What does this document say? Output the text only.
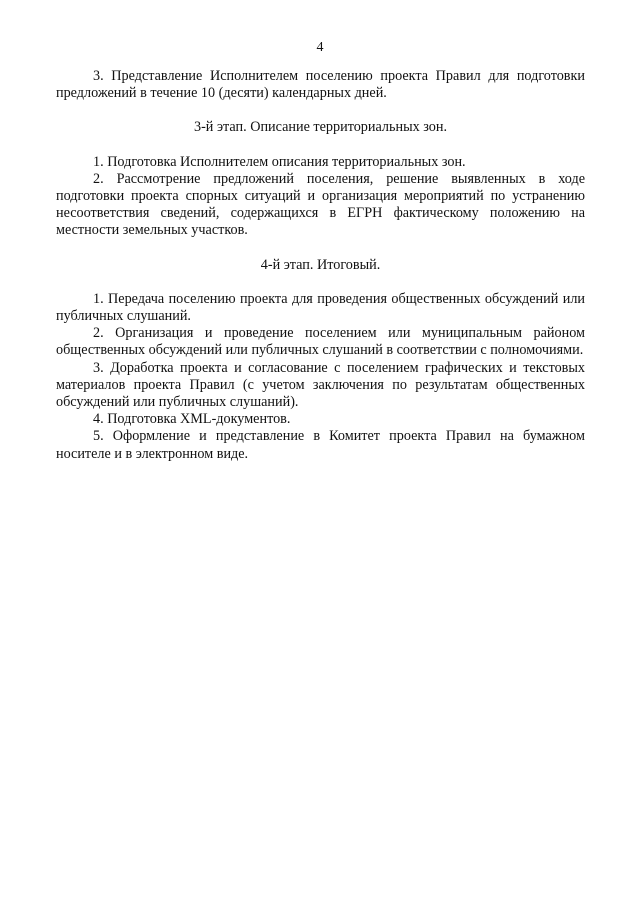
4

3. Представление Исполнителем поселению проекта Правил для подготовки предложений в течение 10 (десяти) календарных дней.

3-й этап. Описание территориальных зон.

1. Подготовка Исполнителем описания территориальных зон.

2. Рассмотрение предложений поселения, решение выявленных в ходе подготовки проекта спорных ситуаций и организация мероприятий по устранению несоответствия сведений, содержащихся в ЕГРН фактическому положению на местности земельных участков.

4-й этап. Итоговый.

1. Передача поселению проекта для проведения общественных обсуждений или публичных слушаний.

2. Организация и проведение поселением или муниципальным районом общественных обсуждений или публичных слушаний в соответствии с полномочиями.

3. Доработка проекта и согласование с поселением графических и текстовых материалов проекта Правил (с учетом заключения по результатам общественных обсуждений или публичных слушаний).

4. Подготовка XML-документов.

5. Оформление и представление в Комитет проекта Правил на бумажном носителе и в электронном виде.
